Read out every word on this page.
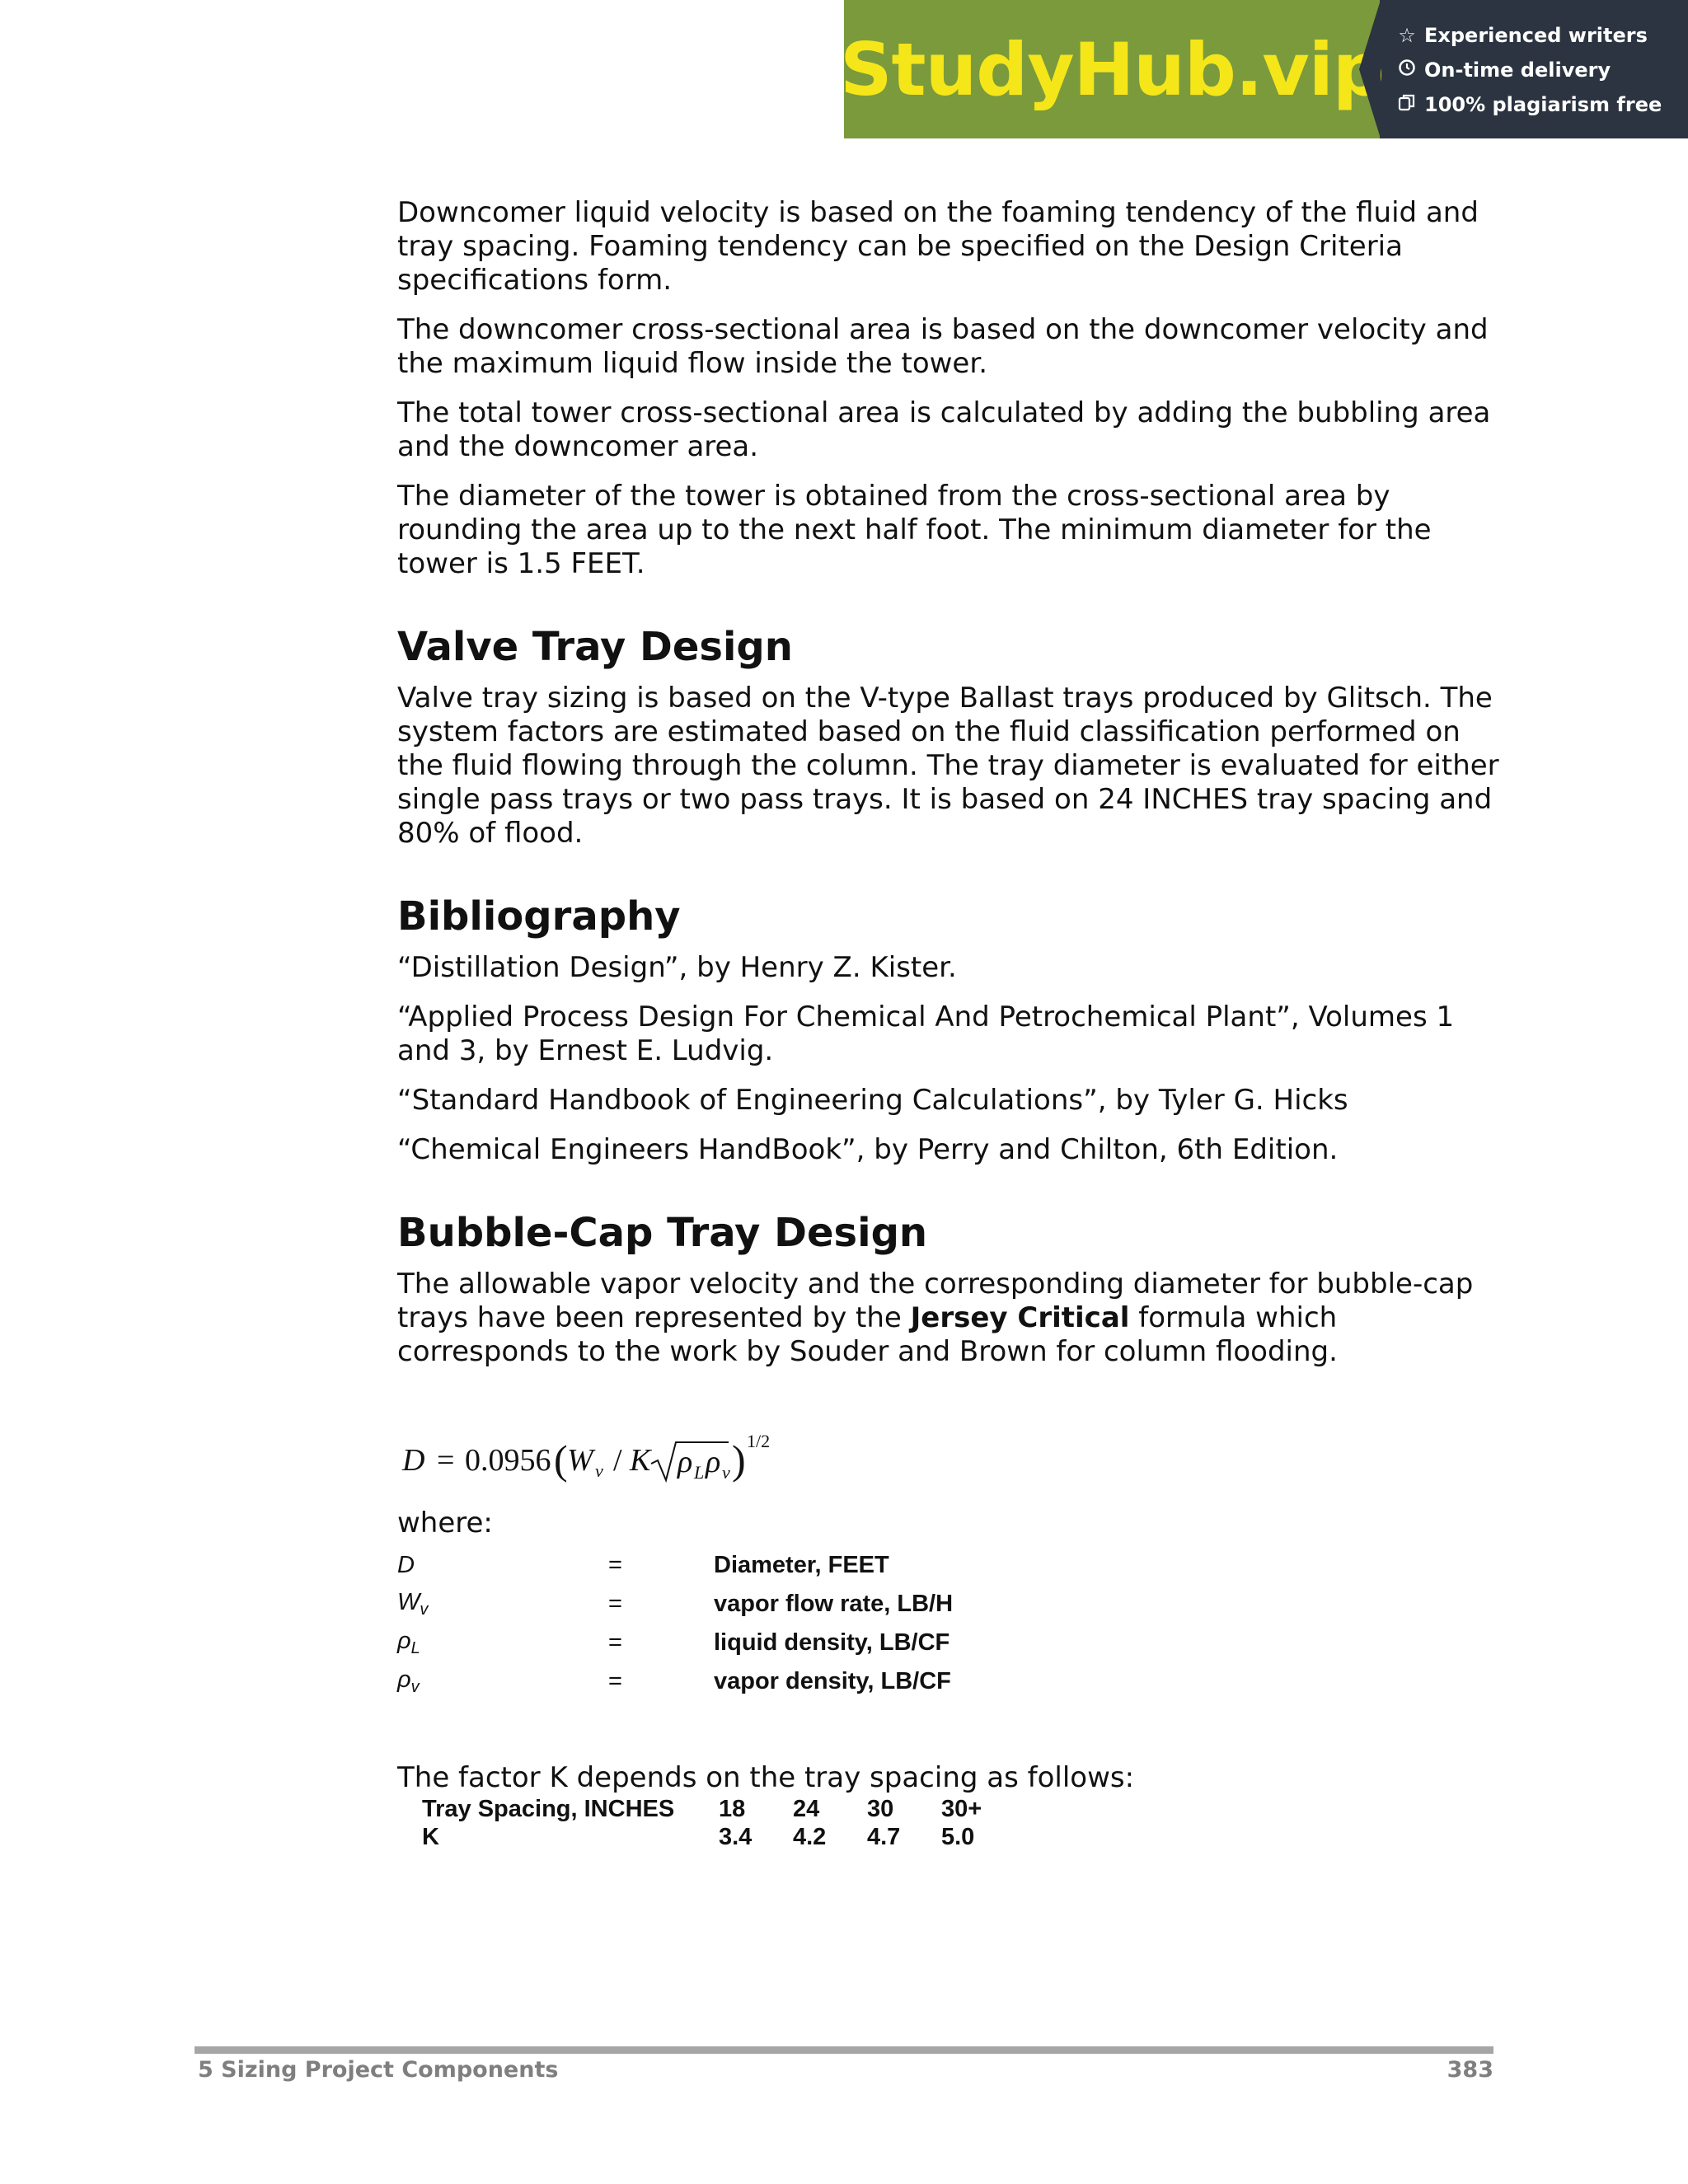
StudyHub.vip ☆ Experienced writers
On-time delivery
100% plagiarism free

Downcomer liquid velocity is based on the foaming tendency of the fluid and tray spacing. Foaming tendency can be specified on the Design Criteria specifications form.

The downcomer cross-sectional area is based on the downcomer velocity and the maximum liquid flow inside the tower.

The total tower cross-sectional area is calculated by adding the bubbling area and the downcomer area.

The diameter of the tower is obtained from the cross-sectional area by rounding the area up to the next half foot. The minimum diameter for the tower is 1.5 FEET.

Valve Tray Design

Valve tray sizing is based on the V-type Ballast trays produced by Glitsch. The system factors are estimated based on the fluid classification performed on the fluid flowing through the column. The tray diameter is evaluated for either single pass trays or two pass trays. It is based on 24 INCHES tray spacing and 80% of flood.

Bibliography

“Distillation Design”, by Henry Z. Kister.

“Applied Process Design For Chemical And Petrochemical Plant”, Volumes 1 and 3, by Ernest E. Ludvig.

“Standard Handbook of Engineering Calculations”, by Tyler G. Hicks

“Chemical Engineers HandBook”, by Perry and Chilton, 6th Edition.

Bubble-Cap Tray Design

The allowable vapor velocity and the corresponding diameter for bubble-cap trays have been represented by the Jersey Critical formula which corresponds to the work by Souder and Brown for column flooding.

D = 0.0956 ( W v / K ρ L ρ v ) 1/2
where:
D	=	Diameter, FEET
$W_v$	=	vapor flow rate, LB/H
$\rho_L$	=	liquid density, LB/CF
$\rho_v$	=	vapor density, LB/CF
The factor K depends on the tray spacing as follows:
Tray Spacing, INCHES	18	24	30	30+
K	3.4	4.2	4.7	5.0
5 Sizing Project Components	383
